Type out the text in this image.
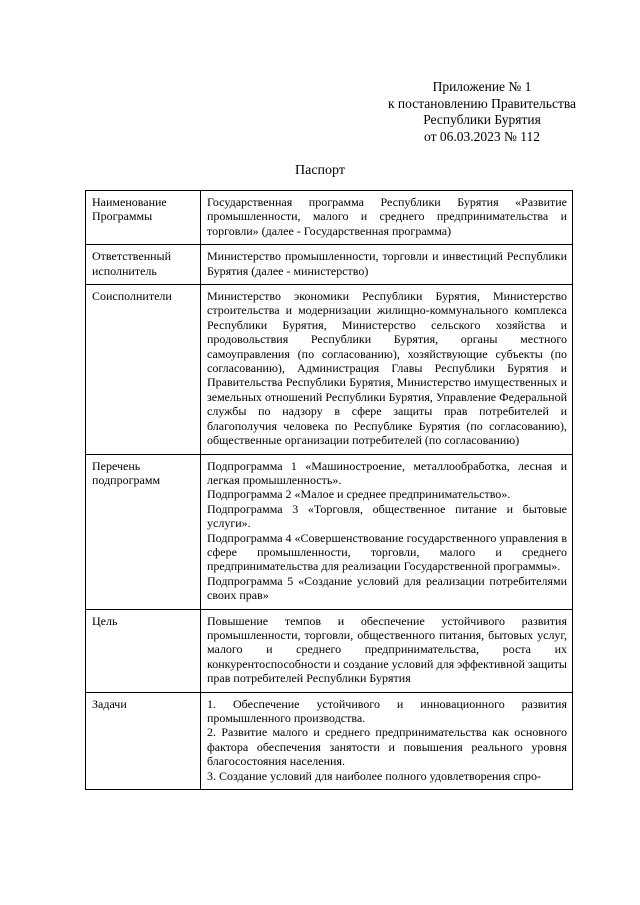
Приложение № 1
к постановлению Правительства
Республики Бурятия
от 06.03.2023 № 112
Паспорт
Наименование Программы	Государственная программа Республики Бурятия «Развитие промышленности, малого и среднего предпринимательства и торговли» (далее - Государственная программа)
Ответственный исполнитель	Министерство промышленности, торговли и инвестиций Республики Бурятия (далее - министерство)
Соисполнители	Министерство экономики Республики Бурятия, Министерство строительства и модернизации жилищно-коммунального комплекса Республики Бурятия, Министерство сельского хозяйства и продовольствия Республики Бурятия, органы местного самоуправления (по согласованию), хозяйствующие субъекты (по согласованию), Администрация Главы Республики Бурятия и Правительства Республики Бурятия, Министерство имущественных и земельных отношений Республики Бурятия, Управление Федеральной службы по надзору в сфере защиты прав потребителей и благополучия человека по Республике Бурятия (по согласованию), общественные организации потребителей (по согласованию)
Перечень подпрограмм	Подпрограмма 1 «Машиностроение, металлообработка, лесная и легкая промышленность».
Подпрограмма 2 «Малое и среднее предпринимательство».
Подпрограмма 3 «Торговля, общественное питание и бытовые услуги».
Подпрограмма 4 «Совершенствование государственного управления в сфере промышленности, торговли, малого и среднего предпринимательства для реализации Государственной программы».
Подпрограмма 5 «Создание условий для реализации потребителями своих прав»

Цель	Повышение темпов и обеспечение устойчивого развития промышленности, торговли, общественного питания, бытовых услуг, малого и среднего предпринимательства, роста их конкурентоспособности и создание условий для эффективной защиты прав потребителей Республики Бурятия
Задачи	1. Обеспечение устойчивого и инновационного развития промышленного производства.
2. Развитие малого и среднего предпринимательства как основного фактора обеспечения занятости и повышения реального уровня благосостояния населения.
3. Создание условий для наиболее полного удовлетворения спро-
